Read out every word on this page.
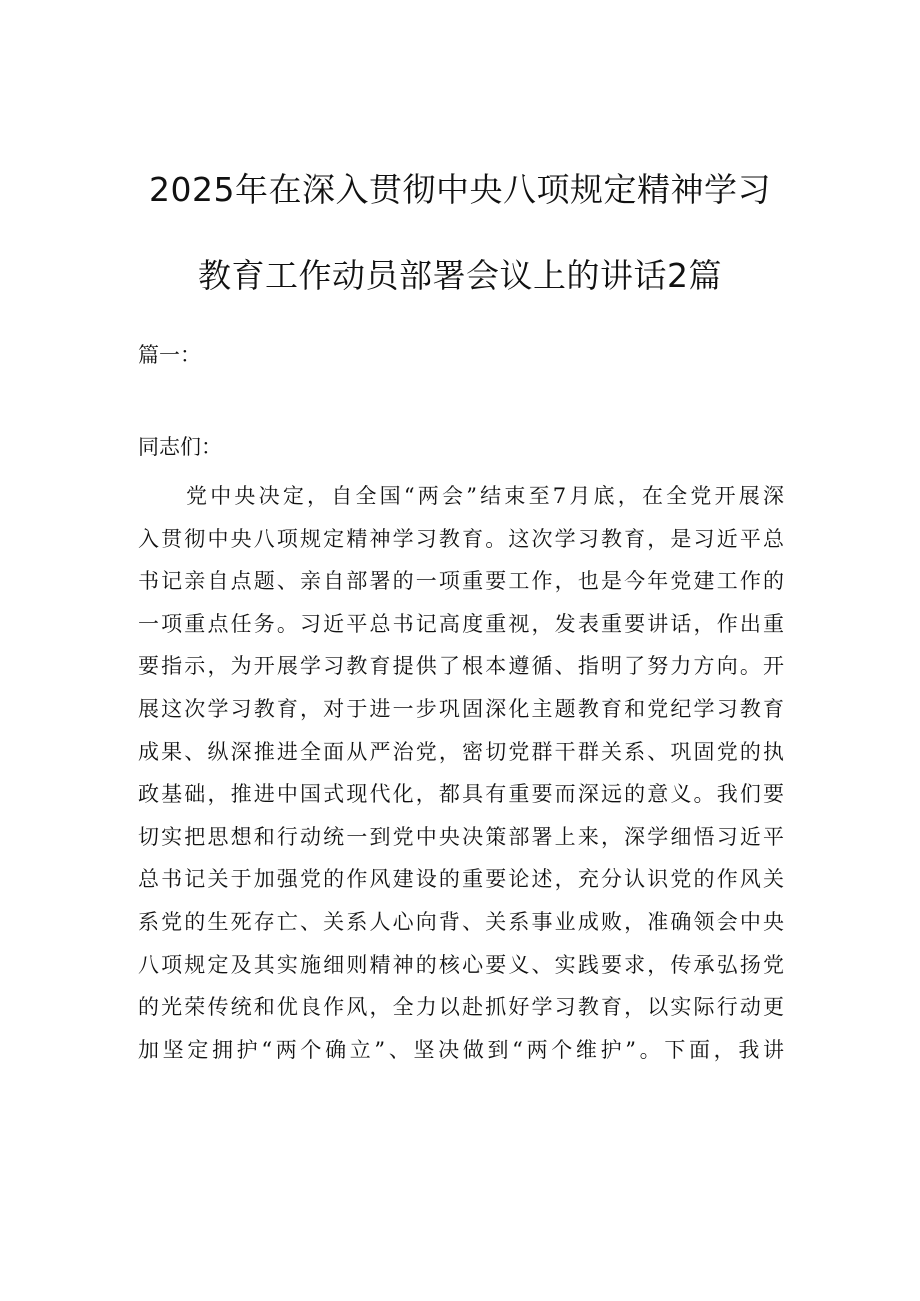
2025年在深入贯彻中央八项规定精神学习
教育工作动员部署会议上的讲话2篇
篇一：
同志们：
党中央决定，自全国“两会”结束至7月底，在全党开展深
入贯彻中央八项规定精神学习教育。这次学习教育，是习近平总
书记亲自点题、亲自部署的一项重要工作，也是今年党建工作的
一项重点任务。习近平总书记高度重视，发表重要讲话，作出重
要指示，为开展学习教育提供了根本遵循、指明了努力方向。开
展这次学习教育，对于进一步巩固深化主题教育和党纪学习教育
成果、纵深推进全面从严治党，密切党群干群关系、巩固党的执
政基础，推进中国式现代化，都具有重要而深远的意义。我们要
切实把思想和行动统一到党中央决策部署上来，深学细悟习近平
总书记关于加强党的作风建设的重要论述，充分认识党的作风关
系党的生死存亡、关系人心向背、关系事业成败，准确领会中央
八项规定及其实施细则精神的核心要义、实践要求，传承弘扬党
的光荣传统和优良作风，全力以赴抓好学习教育，以实际行动更
加坚定拥护“两个确立”、坚决做到“两个维护”。下面，我讲
